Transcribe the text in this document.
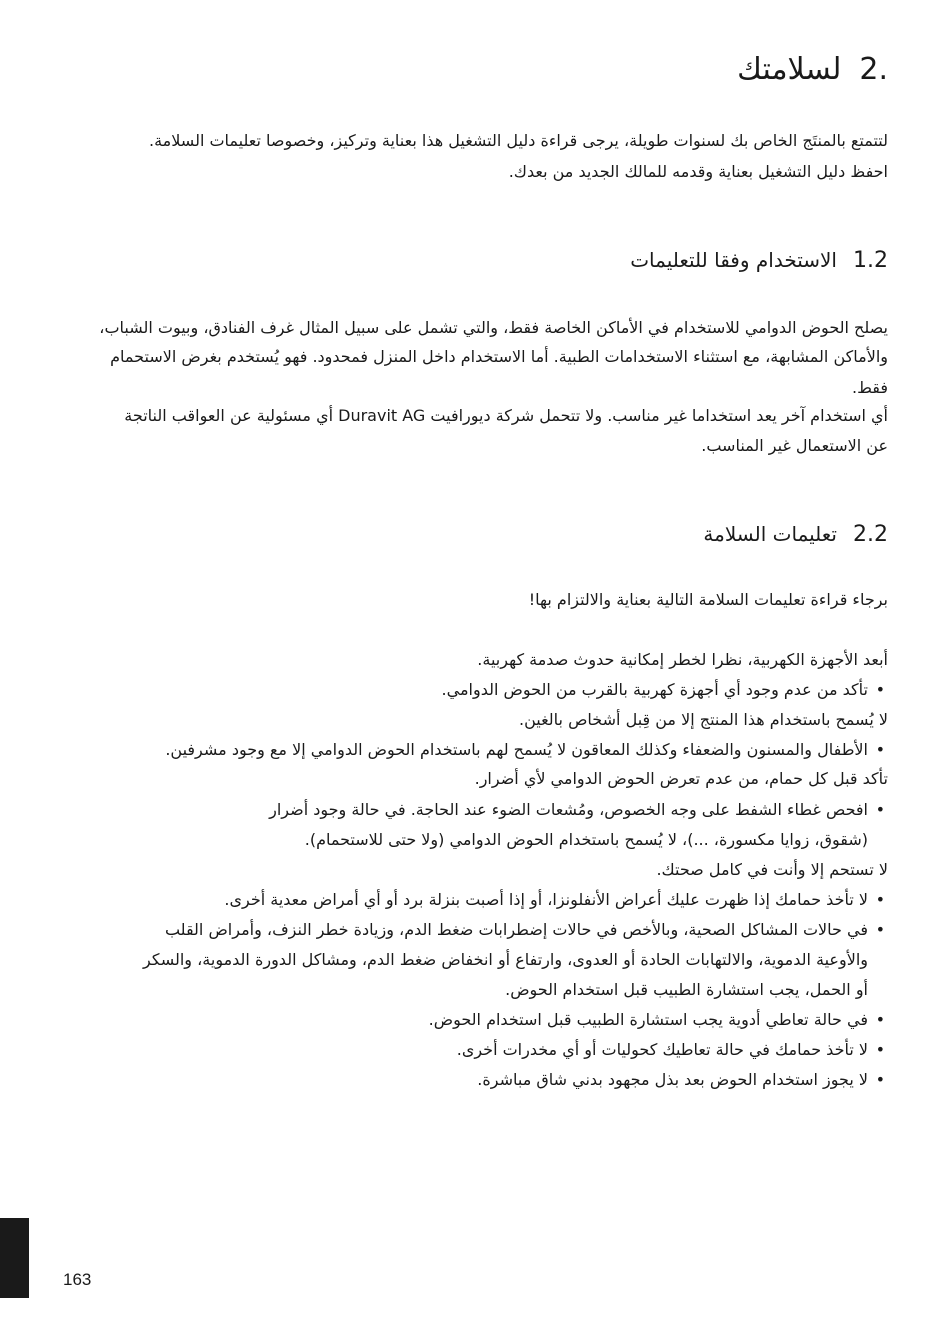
2.لسلامتك

لتتمتع بالمنتَج الخاص بك لسنوات طويلة، يرجى قراءة دليل التشغيل هذا بعناية وتركيز، وخصوصا تعليمات السلامة.

احفظ دليل التشغيل بعناية وقدمه للمالك الجديد من بعدك.

1.2الاستخدام وفقا للتعليمات

يصلح الحوض الدوامي للاستخدام في الأماكن الخاصة فقط، والتي تشمل على سبيل المثال غرف الفنادق، وبيوت الشباب،

والأماكن المشابهة، مع استثناء الاستخدامات الطبية. أما الاستخدام داخل المنزل فمحدود. فهو يُستخدم بغرض الاستحمام فقط.

أي استخدام آخر يعد استخداما غير مناسب. ولا تتحمل شركة ديورافيت Duravit AG أي مسئولية عن العواقب الناتجة

عن الاستعمال غير المناسب.

2.2تعليمات السلامة

برجاء قراءة تعليمات السلامة التالية بعناية والالتزام بها!

أبعد الأجهزة الكهربية، نظرا لخطر إمكانية حدوث صدمة كهربية.

•
تأكد من عدم وجود أي أجهزة كهربية بالقرب من الحوض الدوامي.

لا يُسمح باستخدام هذا المنتج إلا من قِبل أشخاص بالغين.

•
الأطفال والمسنون والضعفاء وكذلك المعاقون لا يُسمح لهم باستخدام الحوض الدوامي إلا مع وجود مشرفين.

تأكد قبل كل حمام، من عدم تعرض الحوض الدوامي لأي أضرار.

•
افحص غطاء الشفط على وجه الخصوص، ومُشعات الضوء عند الحاجة. في حالة وجود أضرار

(شقوق، زوايا مكسورة، ...)، لا يُسمح باستخدام الحوض الدوامي (ولا حتى للاستحمام).

لا تستحم إلا وأنت في كامل صحتك.

•
لا تأخذ حمامك إذا ظهرت عليك أعراض الأنفلونزا، أو إذا أصبت بنزلة برد أو أي أمراض معدية أخرى.

•
في حالات المشاكل الصحية، وبالأخص في حالات إضطرابات ضغط الدم، وزيادة خطر النزف، وأمراض القلب

والأوعية الدموية، والالتهابات الحادة أو العدوى، وارتفاع أو انخفاض ضغط الدم، ومشاكل الدورة الدموية، والسكر

أو الحمل، يجب استشارة الطبيب قبل استخدام الحوض.

•
في حالة تعاطي أدوية يجب استشارة الطبيب قبل استخدام الحوض.

•
لا تأخذ حمامك في حالة تعاطيك كحوليات أو أي مخدرات أخرى.

•
لا يجوز استخدام الحوض بعد بذل مجهود بدني شاق مباشرة.

163
